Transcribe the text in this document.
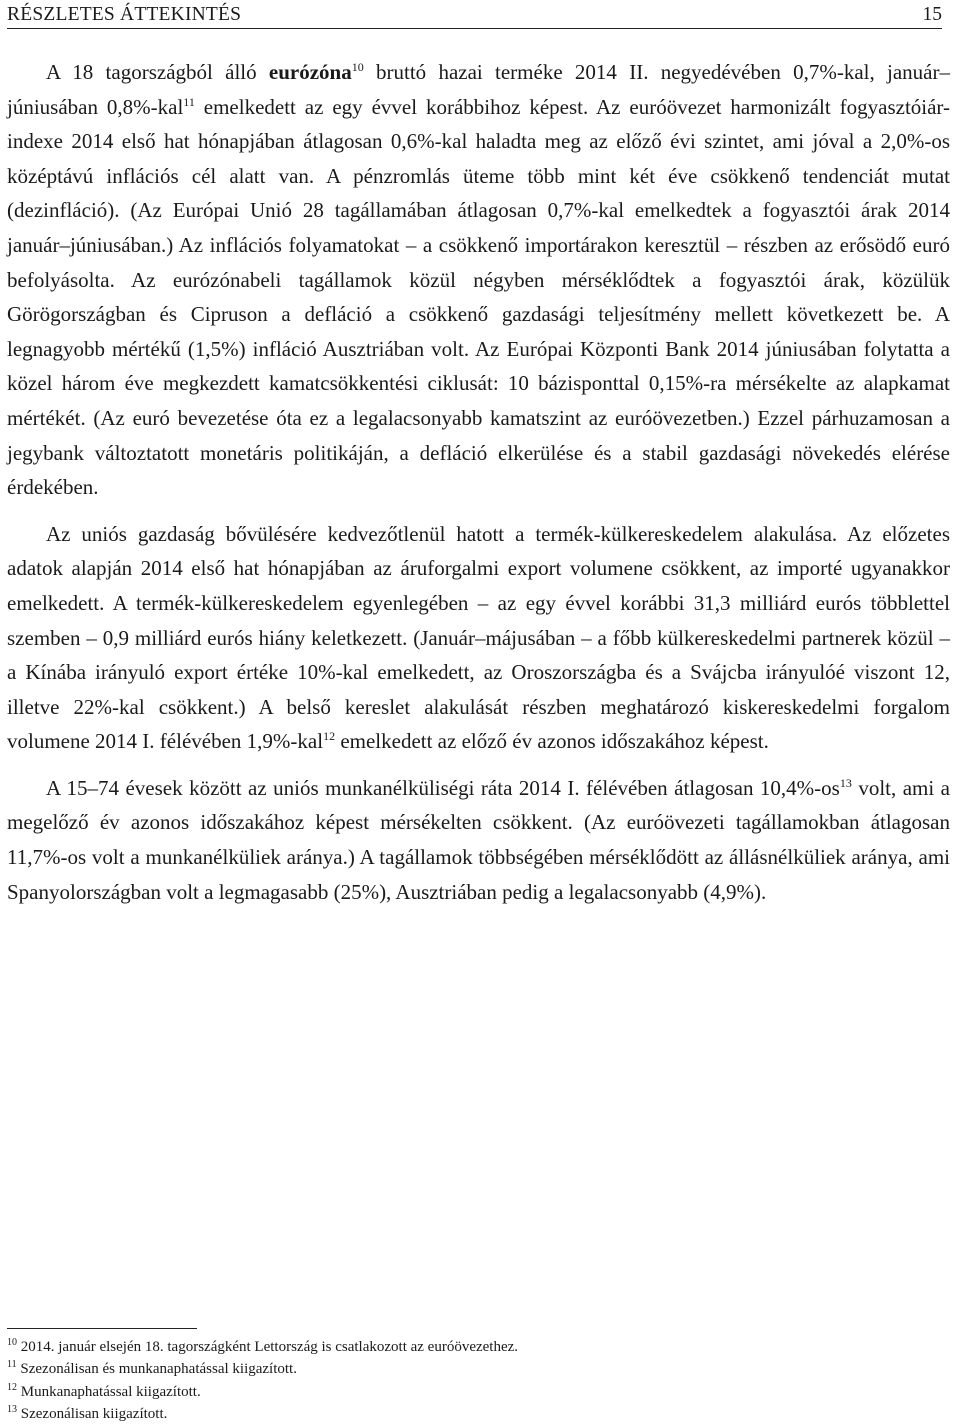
RÉSZLETES ÁTTEKINTÉS	15

A 18 tagországból álló eurózóna$^{10}$ bruttó hazai terméke 2014 II. negyedévében 0,7%-kal, január–júniusában 0,8%-kal$^{11}$ emelkedett az egy évvel korábbihoz képest. Az euróövezet harmonizált fogyasztóiár-indexe 2014 első hat hónapjában átlagosan 0,6%-kal haladta meg az előző évi szintet, ami jóval a 2,0%-os középtávú inflációs cél alatt van. A pénzromlás üteme több mint két éve csökkenő tendenciát mutat (dezinfláció). (Az Európai Unió 28 tagállamában átlagosan 0,7%-kal emelkedtek a fogyasztói árak 2014 január–júniusában.) Az inflációs folyamatokat – a csökkenő importárakon keresztül – részben az erősödő euró befolyásolta. Az eurózónabeli tagállamok közül négyben mérséklődtek a fogyasztói árak, közülük Görögországban és Cipruson a defláció a csökkenő gazdasági teljesítmény mellett következett be. A legnagyobb mértékű (1,5%) infláció Ausztriában volt. Az Európai Központi Bank 2014 júniusában folytatta a közel három éve megkezdett kamatcsökkentési ciklusát: 10 bázisponttal 0,15%-ra mérsékelte az alapkamat mértékét. (Az euró bevezetése óta ez a legalacsonyabb kamatszint az euróövezetben.) Ezzel párhuzamosan a jegybank változtatott monetáris politikáján, a defláció elkerülése és a stabil gazdasági növekedés elérése érdekében.

Az uniós gazdaság bővülésére kedvezőtlenül hatott a termék-külkereskedelem alakulása. Az előzetes adatok alapján 2014 első hat hónapjában az áruforgalmi export volumene csökkent, az importé ugyanakkor emelkedett. A termék-külkereskedelem egyenlegében – az egy évvel korábbi 31,3 milliárd eurós többlettel szemben – 0,9 milliárd eurós hiány keletkezett. (Január–májusában – a főbb külkereskedelmi partnerek közül – a Kínába irányuló export értéke 10%-kal emelkedett, az Oroszországba és a Svájcba irányulóé viszont 12, illetve 22%-kal csökkent.) A belső kereslet alakulását részben meghatározó kiskereskedelmi forgalom volumene 2014 I. félévében 1,9%-kal$^{12}$ emelkedett az előző év azonos időszakához képest.

A 15–74 évesek között az uniós munkanélküliségi ráta 2014 I. félévében átlagosan $10,4\%-os^{13}$ volt, ami a megelőző év azonos időszakához képest mérsékelten csökkent. (Az euróövezeti tagállamokban átlagosan 11,7%-os volt a munkanélküliek aránya.) A tagállamok többségében mérséklődött az állásnélküliek aránya, ami Spanyolországban volt a legmagasabb (25%), Ausztriában pedig a legalacsonyabb (4,9%).

$^{10}$ 2014. január elsején 18. tagországként Lettország is csatlakozott az euróövezethez.
$^{11}$ Szezonálisan és munkanaphatással kiigazított.
$^{12}$ Munkanaphatással kiigazított.
$^{13}$ Szezonálisan kiigazított.
